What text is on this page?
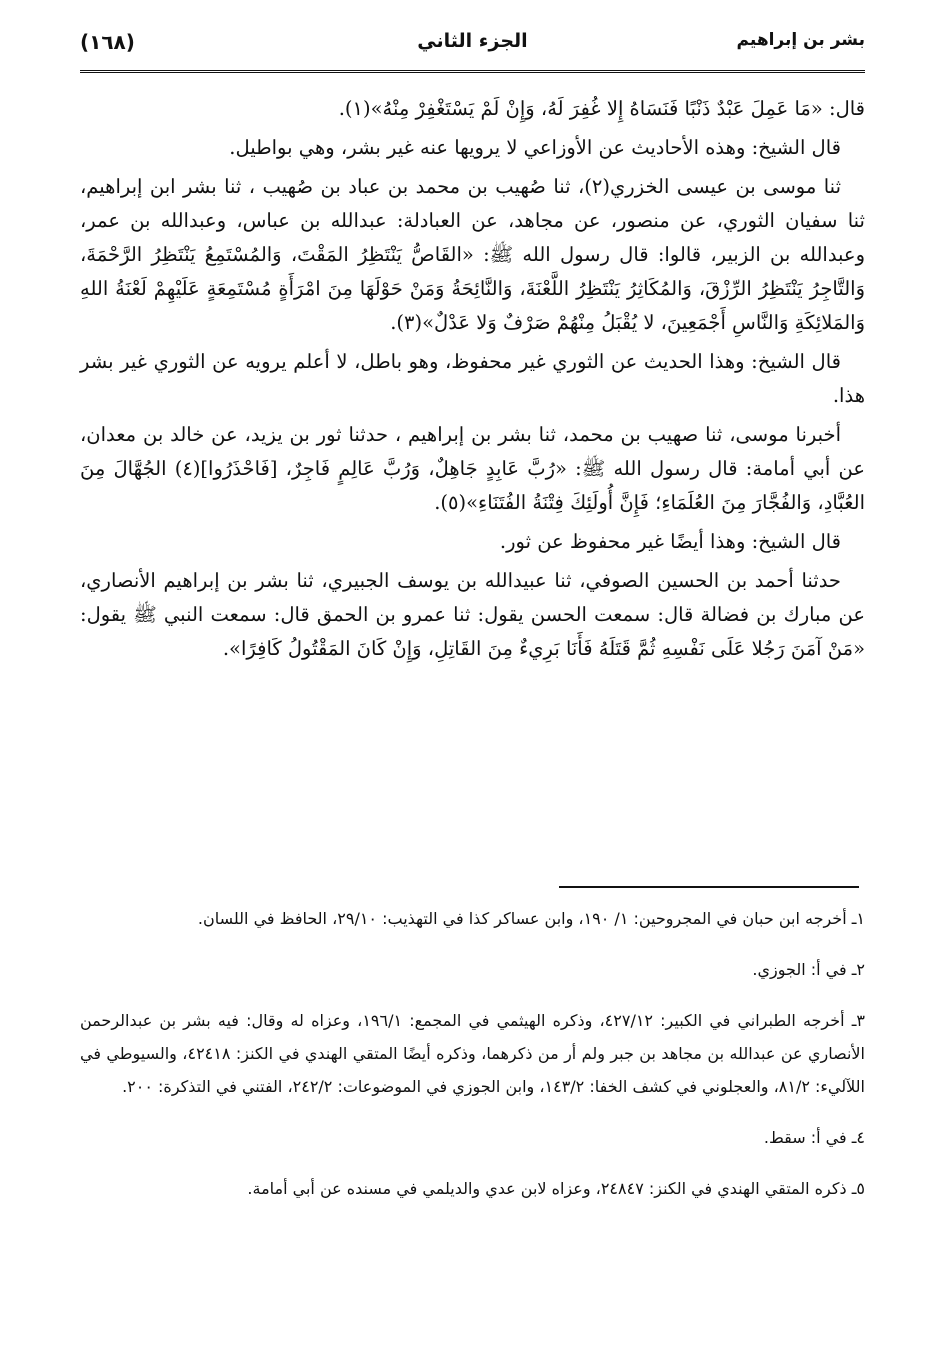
بشر بن إبراهيم
الجزء الثاني
(١٦٨)

قال: «مَا عَمِلَ عَبْدٌ ذَنْبًا فَنَسَاهُ إِلا غُفِرَ لَهُ، وَإِنْ لَمْ يَسْتَغْفِرْ مِنْهُ»(١).

قال الشيخ: وهذه الأحاديث عن الأوزاعي لا يرويها عنه غير بشر، وهي بواطيل.

ثنا موسى بن عيسى الخزري(٢)، ثنا صُهيب بن محمد بن عباد بن صُهيب ، ثنا بشر ابن إبراهيم، ثنا سفيان الثوري، عن منصور، عن مجاهد، عن العبادلة: عبدالله بن عباس، وعبدالله بن عمر، وعبدالله بن الزبير، قالوا: قال رسول الله ﷺ: «القَاصُّ يَنْتَظِرُ المَقْتَ، وَالمُسْتَمِعُ يَنْتَظِرُ الرَّحْمَةَ، وَالتَّاجِرُ يَنْتَظِرُ الرِّزْقَ، وَالمُكَاثِرُ يَنْتَظِرُ اللَّعْنَةَ، وَالنَّائِحَةُ وَمَنْ حَوْلَهَا مِنَ امْرَأَةٍ مُسْتَمِعَةٍ عَلَيْهِمْ لَعْنَةُ اللهِ وَالمَلائِكَةِ وَالنَّاسِ أَجْمَعِينَ، لا يُقْبَلُ مِنْهُمْ صَرْفٌ وَلا عَدْلٌ»(٣).

قال الشيخ: وهذا الحديث عن الثوري غير محفوظ، وهو باطل، لا أعلم يرويه عن الثوري غير بشر هذا.

أخبرنا موسى، ثنا صهيب بن محمد، ثنا بشر بن إبراهيم ، حدثنا ثور بن يزيد، عن خالد بن معدان، عن أبي أمامة: قال رسول الله ﷺ: «رُبَّ عَابِدٍ جَاهِلٌ، وَرُبَّ عَالِمٍ فَاجِرٌ، [فَاحْذَرُوا](٤) الجُهَّالَ مِنَ العُبَّادِ، وَالفُجَّارَ مِنَ العُلَمَاءِ؛ فَإِنَّ أُولَئِكَ فِتْنَةُ الفُتَنَاءِ»(٥).

قال الشيخ: وهذا أيضًا غير محفوظ عن ثور.

حدثنا أحمد بن الحسين الصوفي، ثنا عبيدالله بن يوسف الجبيري، ثنا بشر بن إبراهيم الأنصاري، عن مبارك بن فضالة قال: سمعت الحسن يقول: ثنا عمرو بن الحمق قال: سمعت النبي ﷺ يقول: «مَنْ آمَنَ رَجُلا عَلَى نَفْسِهِ ثُمَّ قَتَلَهُ فَأَنَا بَرِيءٌ مِنَ القَاتِلِ، وَإِنْ كَانَ المَقْتُولُ كَافِرًا».

١ـ أخرجه ابن حبان في المجروحين: ١/ ١٩٠، وابن عساكر كذا في التهذيب: ٢٩/١٠، الحافظ في اللسان.

٢ـ في أ: الجوزي.

٣ـ أخرجه الطبراني في الكبير: ٤٢٧/١٢، وذكره الهيثمي في المجمع: ١٩٦/١، وعزاه له وقال: فيه بشر بن عبدالرحمن الأنصاري عن عبدالله بن مجاهد بن جبر ولم أر من ذكرهما، وذكره أيضًا المتقي الهندي في الكنز: ٤٢٤١٨، والسيوطي في اللآليء: ٨١/٢، والعجلوني في كشف الخفا: ١٤٣/٢، وابن الجوزي في الموضوعات: ٢٤٢/٢، الفتني في التذكرة: ٢٠٠.

٤ـ في أ: سقط.

٥ـ ذكره المتقي الهندي في الكنز: ٢٤٨٤٧، وعزاه لابن عدي والديلمي في مسنده عن أبي أمامة.
